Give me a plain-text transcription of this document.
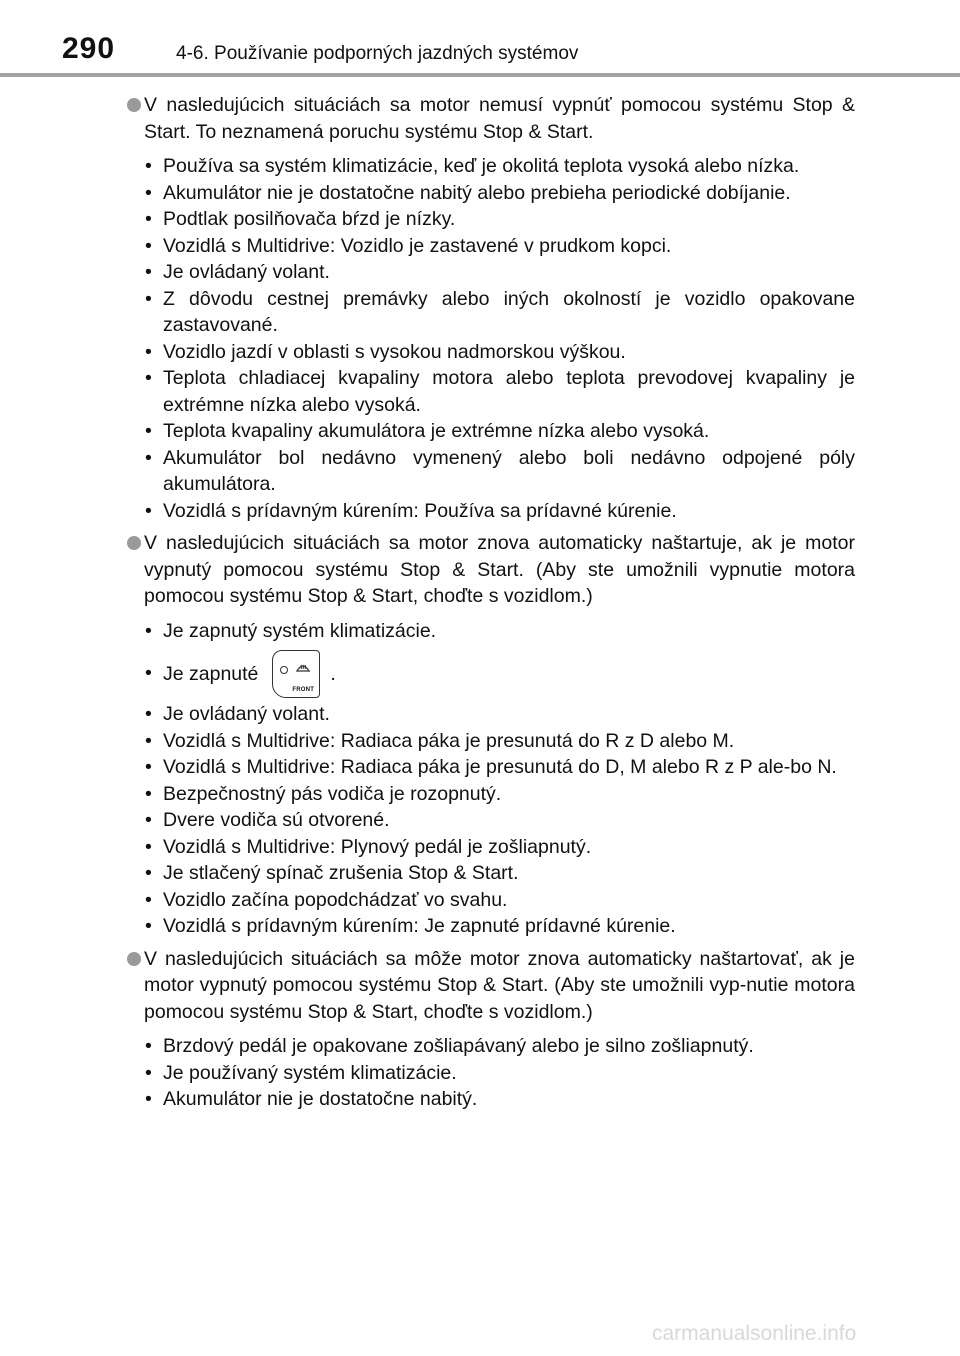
290	4-6. Používanie podporných jazdných systémov
V nasledujúcich situáciách sa motor nemusí vypnúť pomocou systému Stop & Start. To neznamená poruchu systému Stop & Start.
• Používa sa systém klimatizácie, keď je okolitá teplota vysoká alebo nízka.
• Akumulátor nie je dostatočne nabitý alebo prebieha periodické dobíjanie.
• Podtlak posilňovača bŕzd je nízky.
• Vozidlá s Multidrive: Vozidlo je zastavené v prudkom kopci.
• Je ovládaný volant.
• Z dôvodu cestnej premávky alebo iných okolností je vozidlo opakovane zastavované.
• Vozidlo jazdí v oblasti s vysokou nadmorskou výškou.
• Teplota chladiacej kvapaliny motora alebo teplota prevodovej kvapaliny je extrémne nízka alebo vysoká.
• Teplota kvapaliny akumulátora je extrémne nízka alebo vysoká.
• Akumulátor bol nedávno vymenený alebo boli nedávno odpojené póly akumulátora.
• Vozidlá s prídavným kúrením: Používa sa prídavné kúrenie.
V nasledujúcich situáciách sa motor znova automaticky naštartuje, ak je motor vypnutý pomocou systému Stop & Start. (Aby ste umožnili vypnutie motora pomocou systému Stop & Start, choďte s vozidlom.)
• Je zapnutý systém klimatizácie.
• Je zapnuté
FRONT
.
• Je ovládaný volant.
• Vozidlá s Multidrive: Radiaca páka je presunutá do R z D alebo M.
• Vozidlá s Multidrive: Radiaca páka je presunutá do D, M alebo R z P ale-bo N.
• Bezpečnostný pás vodiča je rozopnutý.
• Dvere vodiča sú otvorené.
• Vozidlá s Multidrive: Plynový pedál je zošliapnutý.
• Je stlačený spínač zrušenia Stop & Start.
• Vozidlo začína popodchádzať vo svahu.
• Vozidlá s prídavným kúrením: Je zapnuté prídavné kúrenie.
V nasledujúcich situáciách sa môže motor znova automaticky naštartovať, ak je motor vypnutý pomocou systému Stop & Start. (Aby ste umožnili vyp-nutie motora pomocou systému Stop & Start, choďte s vozidlom.)
• Brzdový pedál je opakovane zošliapávaný alebo je silno zošliapnutý.
• Je používaný systém klimatizácie.
• Akumulátor nie je dostatočne nabitý.
carmanualsonline.info
